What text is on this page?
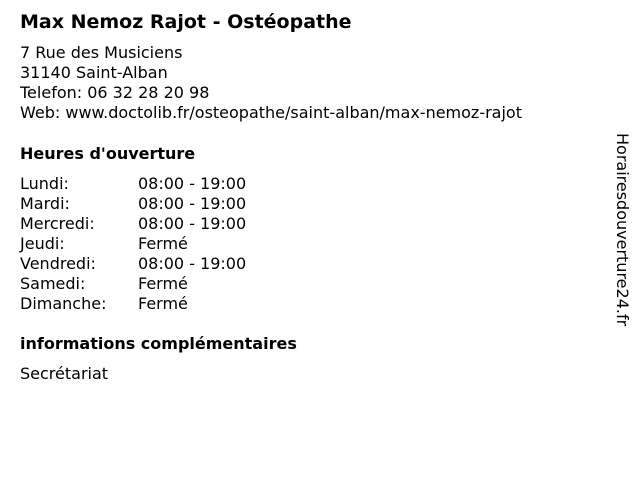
Max Nemoz Rajot - Ostéopathe
7 Rue des Musiciens
31140 Saint-Alban
Telefon: 06 32 28 20 98
Web: www.doctolib.fr/osteopathe/saint-alban/max-nemoz-rajot
Heures d'ouverture
Lundi:	08:00 - 19:00
Mardi:	08:00 - 19:00
Mercredi:	08:00 - 19:00
Jeudi:	Fermé
Vendredi:	08:00 - 19:00
Samedi:	Fermé
Dimanche:	Fermé
informations complémentaires
Secrétariat
Horairesdouverture24.fr
